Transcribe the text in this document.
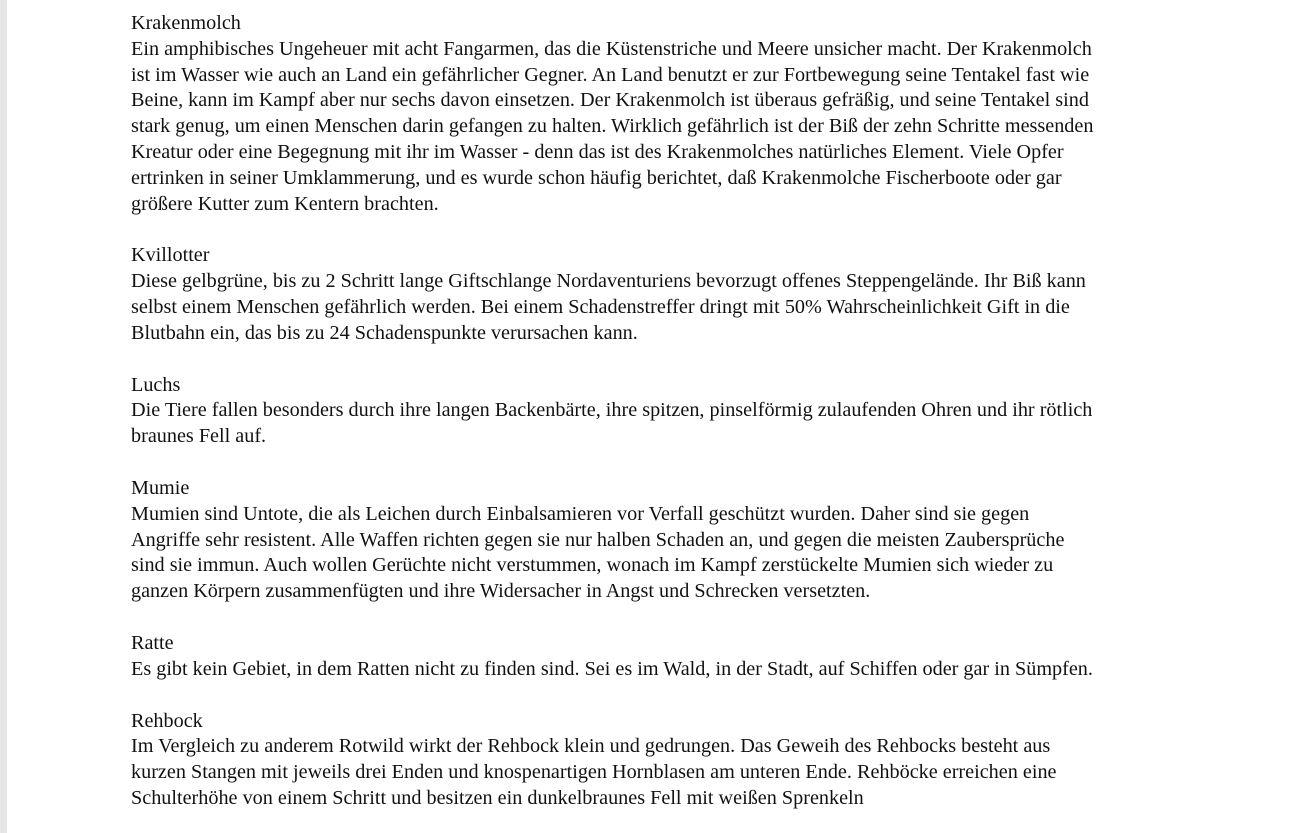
Krakenmolch
Ein amphibisches Ungeheuer mit acht Fangarmen, das die Küstenstriche und Meere unsicher macht. Der Krakenmolch
ist im Wasser wie auch an Land ein gefährlicher Gegner. An Land benutzt er zur Fortbewegung seine Tentakel fast wie
Beine, kann im Kampf aber nur sechs davon einsetzen. Der Krakenmolch ist überaus gefräßig, und seine Tentakel sind
stark genug, um einen Menschen darin gefangen zu halten. Wirklich gefährlich ist der Biß der zehn Schritte messenden
Kreatur oder eine Begegnung mit ihr im Wasser - denn das ist des Krakenmolches natürliches Element. Viele Opfer
ertrinken in seiner Umklammerung, und es wurde schon häufig berichtet, daß Krakenmolche Fischerboote oder gar
größere Kutter zum Kentern brachten.
Kvillotter
Diese gelbgrüne, bis zu 2 Schritt lange Giftschlange Nordaventuriens bevorzugt offenes Steppengelände. Ihr Biß kann
selbst einem Menschen gefährlich werden. Bei einem Schadenstreffer dringt mit 50% Wahrscheinlichkeit Gift in die
Blutbahn ein, das bis zu 24 Schadenspunkte verursachen kann.
Luchs
Die Tiere fallen besonders durch ihre langen Backenbärte, ihre spitzen, pinselförmig zulaufenden Ohren und ihr rötlich
braunes Fell auf.
Mumie
Mumien sind Untote, die als Leichen durch Einbalsamieren vor Verfall geschützt wurden. Daher sind sie gegen
Angriffe sehr resistent. Alle Waffen richten gegen sie nur halben Schaden an, und gegen die meisten Zaubersprüche
sind sie immun. Auch wollen Gerüchte nicht verstummen, wonach im Kampf zerstückelte Mumien sich wieder zu
ganzen Körpern zusammenfügten und ihre Widersacher in Angst und Schrecken versetzten.
Ratte
Es gibt kein Gebiet, in dem Ratten nicht zu finden sind. Sei es im Wald, in der Stadt, auf Schiffen oder gar in Sümpfen.
Rehbock
Im Vergleich zu anderem Rotwild wirkt der Rehbock klein und gedrungen. Das Geweih des Rehbocks besteht aus
kurzen Stangen mit jeweils drei Enden und knospenartigen Hornblasen am unteren Ende. Rehböcke erreichen eine
Schulterhöhe von einem Schritt und besitzen ein dunkelbraunes Fell mit weißen Sprenkeln
